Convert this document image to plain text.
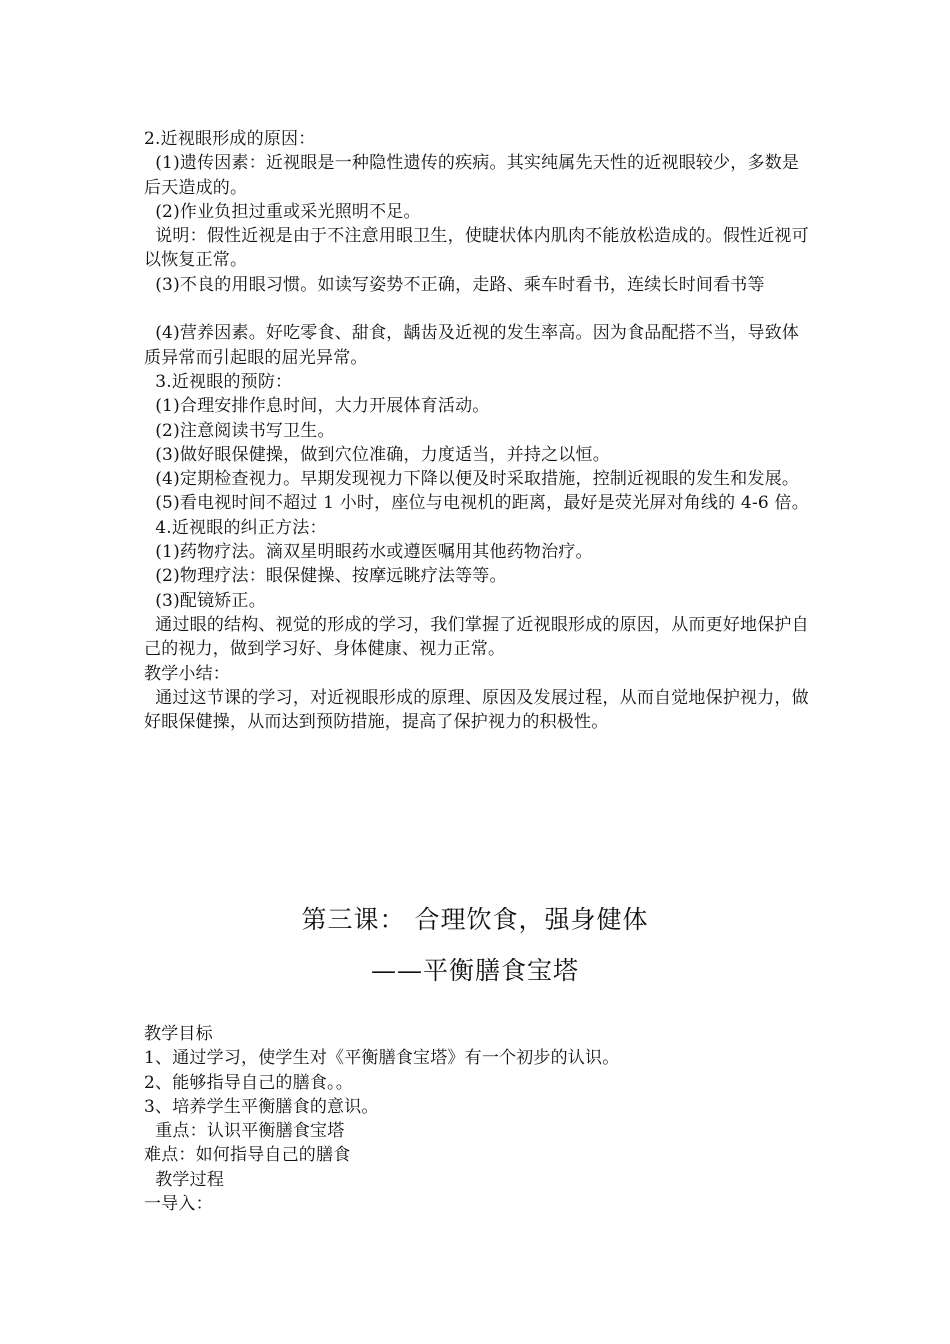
2.近视眼形成的原因：

(1)遗传因素：近视眼是一种隐性遗传的疾病。其实纯属先天性的近视眼较少，多数是后天造成的。

(2)作业负担过重或采光照明不足。

说明：假性近视是由于不注意用眼卫生，使睫状体内肌肉不能放松造成的。假性近视可以恢复正常。

(3)不良的用眼习惯。如读写姿势不正确，走路、乘车时看书，连续长时间看书等

(4)营养因素。好吃零食、甜食，龋齿及近视的发生率高。因为食品配搭不当，导致体质异常而引起眼的屈光异常。

3.近视眼的预防：

(1)合理安排作息时间，大力开展体育活动。

(2)注意阅读书写卫生。

(3)做好眼保健操，做到穴位准确，力度适当，并持之以恒。

(4)定期检查视力。早期发现视力下降以便及时采取措施，控制近视眼的发生和发展。

(5)看电视时间不超过 1 小时，座位与电视机的距离，最好是荧光屏对角线的 4-6 倍。

4.近视眼的纠正方法：

(1)药物疗法。滴双星明眼药水或遵医嘱用其他药物治疗。

(2)物理疗法：眼保健操、按摩远眺疗法等等。

(3)配镜矫正。

通过眼的结构、视觉的形成的学习，我们掌握了近视眼形成的原因，从而更好地保护自己的视力，做到学习好、身体健康、视力正常。

教学小结：

通过这节课的学习，对近视眼形成的原理、原因及发展过程，从而自觉地保护视力，做好眼保健操，从而达到预防措施，提高了保护视力的积极性。

第三课： 合理饮食，强身健体
——平衡膳食宝塔

教学目标

1、通过学习，使学生对《平衡膳食宝塔》有一个初步的认识。

2、能够指导自己的膳食。。

3、培养学生平衡膳食的意识。

重点：认识平衡膳食宝塔

难点：如何指导自己的膳食

教学过程

一导入：
